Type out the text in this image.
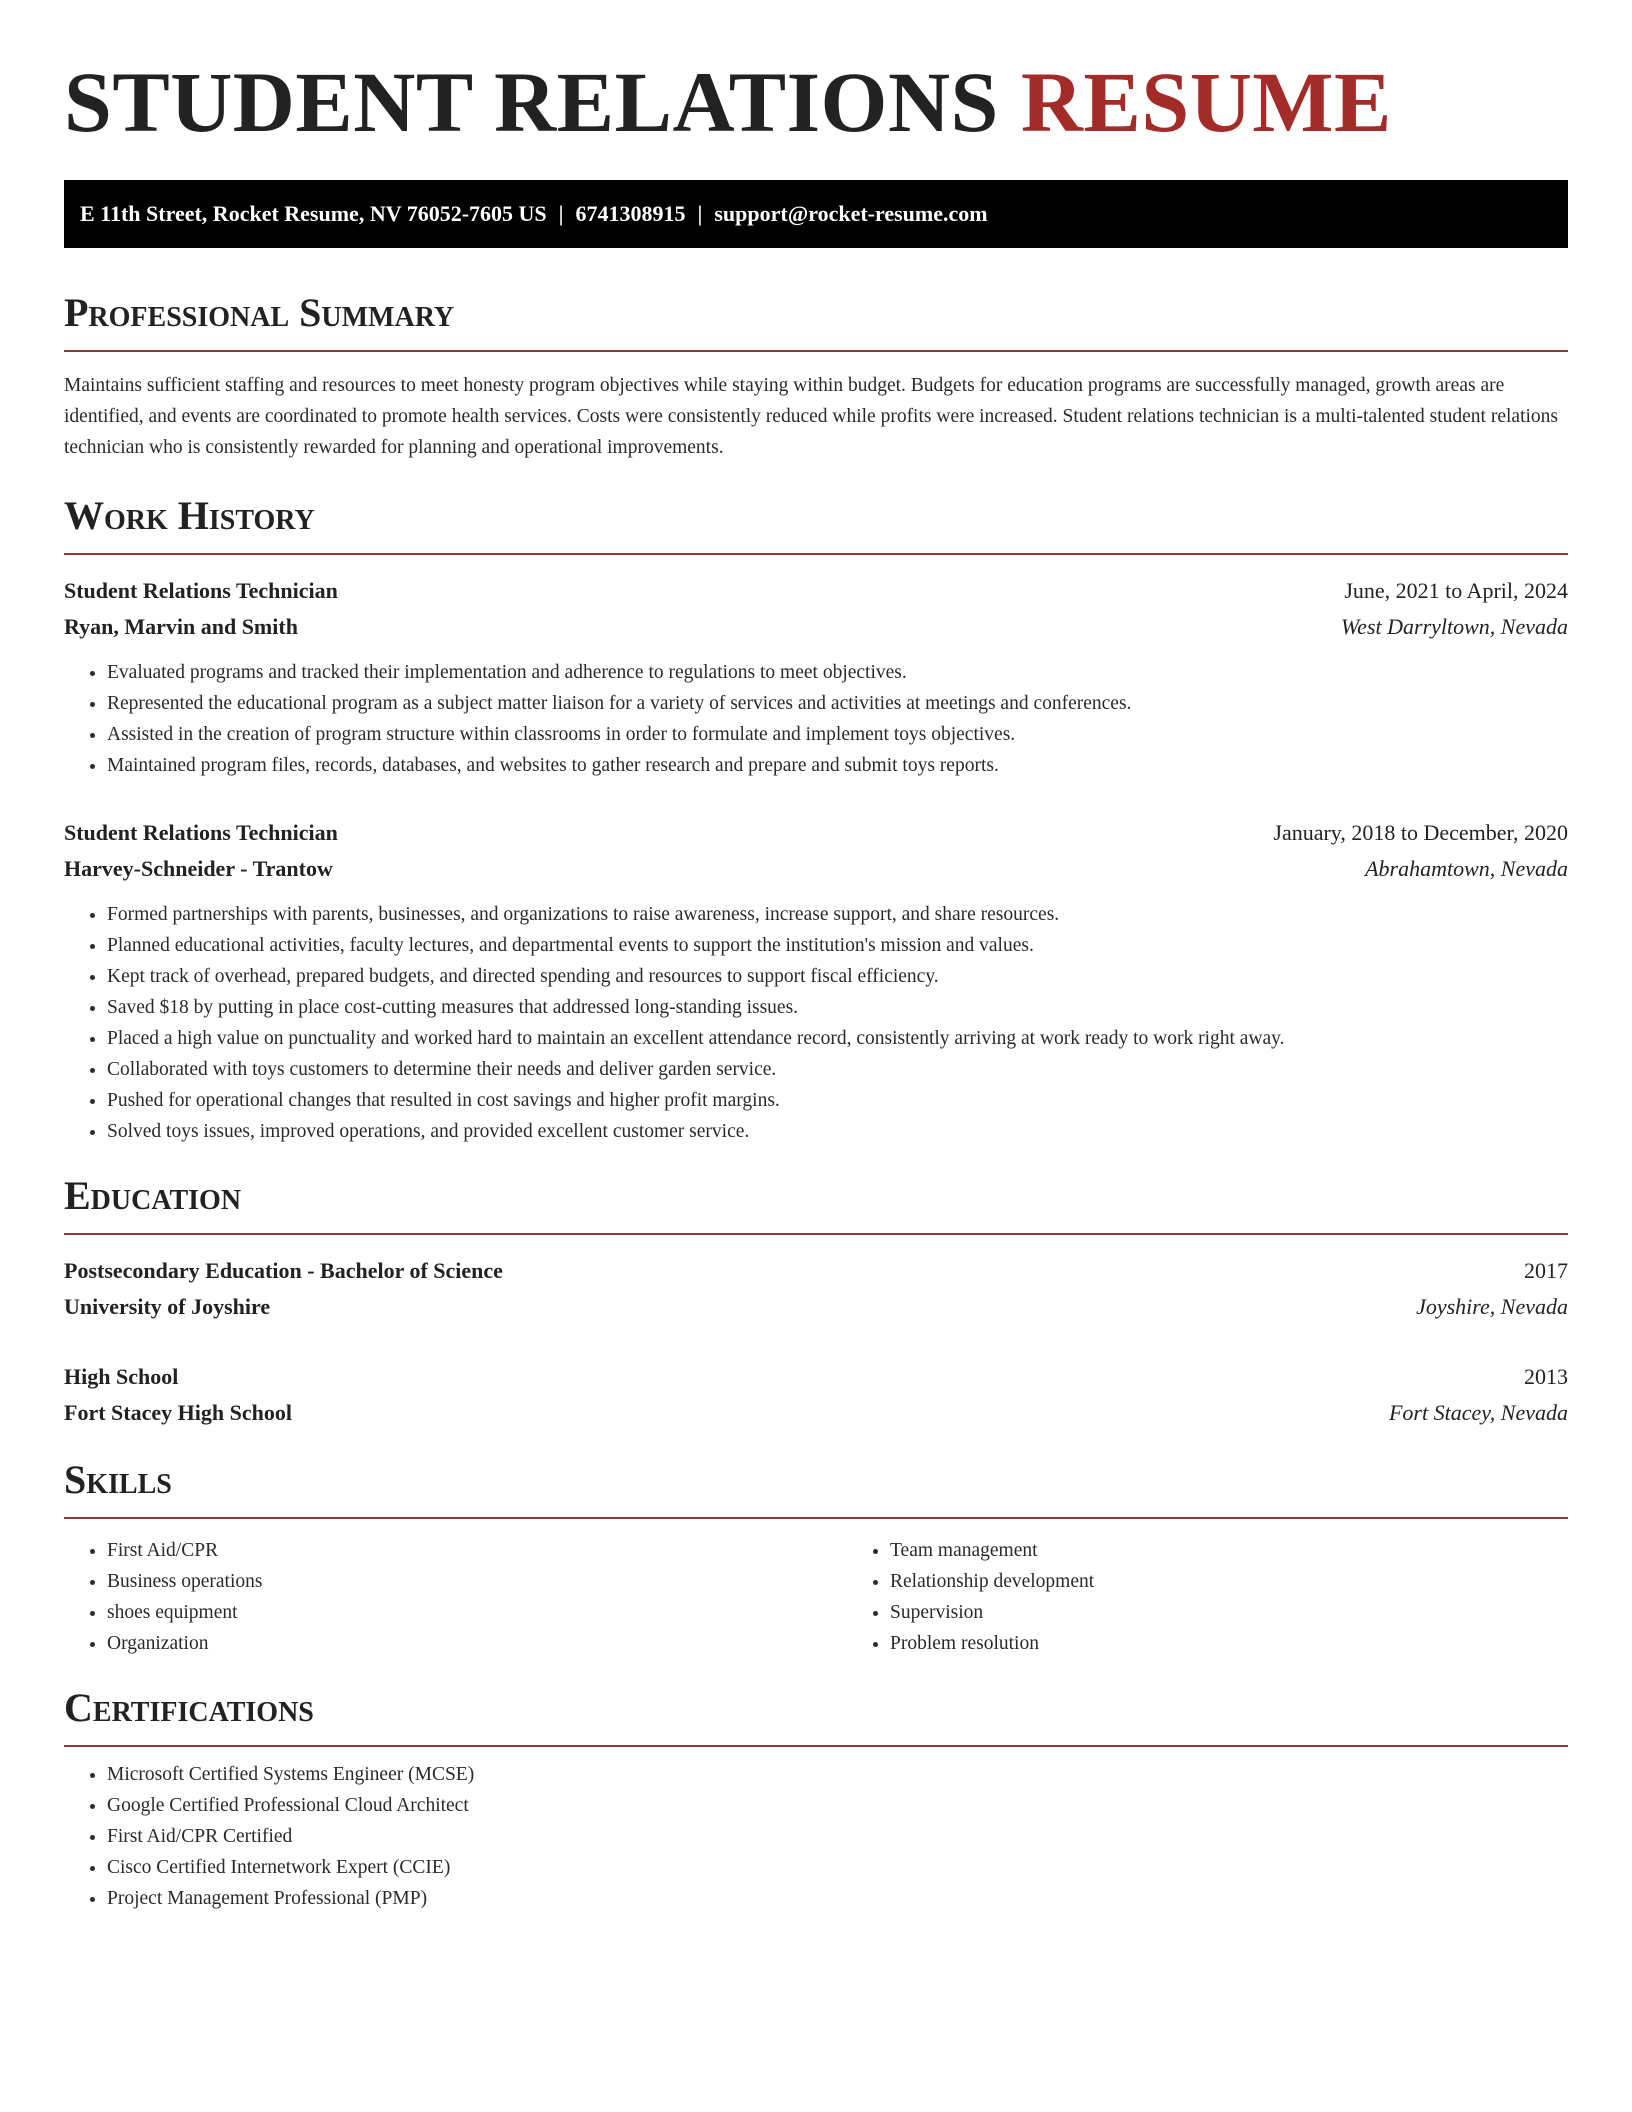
STUDENT RELATIONS RESUME
E 11th Street, Rocket Resume, NV 76052-7605 US | 6741308915 | support@rocket-resume.com
Professional Summary

Maintains sufficient staffing and resources to meet honesty program objectives while staying within budget. Budgets for education programs are successfully managed, growth areas are identified, and events are coordinated to promote health services. Costs were consistently reduced while profits were increased. Student relations technician is a multi-talented student relations technician who is consistently rewarded for planning and operational improvements.

Work History
Student Relations Technician	June, 2021 to April, 2024
Ryan, Marvin and Smith	West Darryltown, Nevada
• Evaluated programs and tracked their implementation and adherence to regulations to meet objectives.
• Represented the educational program as a subject matter liaison for a variety of services and activities at meetings and conferences.
• Assisted in the creation of program structure within classrooms in order to formulate and implement toys objectives.
• Maintained program files, records, databases, and websites to gather research and prepare and submit toys reports.
Student Relations Technician	January, 2018 to December, 2020
Harvey-Schneider - Trantow	Abrahamtown, Nevada
• Formed partnerships with parents, businesses, and organizations to raise awareness, increase support, and share resources.
• Planned educational activities, faculty lectures, and departmental events to support the institution's mission and values.
• Kept track of overhead, prepared budgets, and directed spending and resources to support fiscal efficiency.
• Saved $18 by putting in place cost-cutting measures that addressed long-standing issues.
• Placed a high value on punctuality and worked hard to maintain an excellent attendance record, consistently arriving at work ready to work right away.
• Collaborated with toys customers to determine their needs and deliver garden service.
• Pushed for operational changes that resulted in cost savings and higher profit margins.
• Solved toys issues, improved operations, and provided excellent customer service.
Education
Postsecondary Education - Bachelor of Science	2017
University of Joyshire	Joyshire, Nevada
High School	2013
Fort Stacey High School	Fort Stacey, Nevada
Skills
• First Aid/CPR
• Business operations
• shoes equipment
• Organization
• Team management
• Relationship development
• Supervision
• Problem resolution
Certifications
• Microsoft Certified Systems Engineer (MCSE)
• Google Certified Professional Cloud Architect
• First Aid/CPR Certified
• Cisco Certified Internetwork Expert (CCIE)
• Project Management Professional (PMP)
